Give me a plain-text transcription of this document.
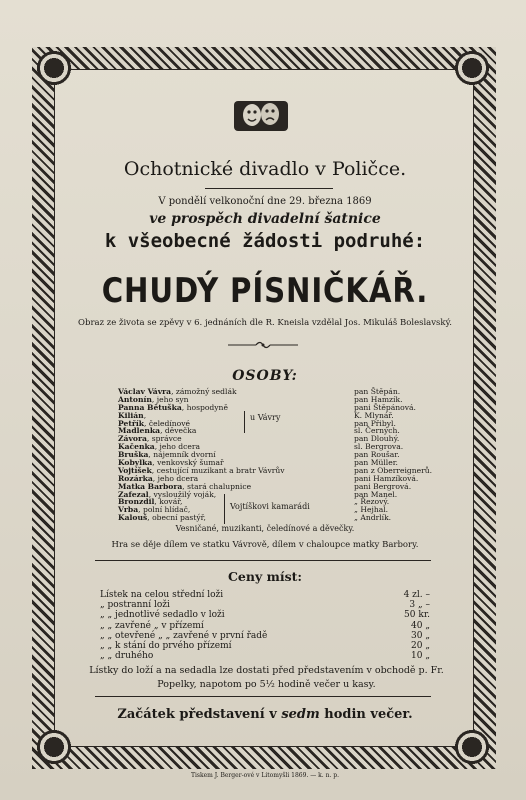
Ochotnické divadlo v Poličce.
V pondělí velkonoční dne 29. března 1869
ve prospěch divadelní šatnice
k všeobecné žádosti podruhé:
CHUDÝ PÍSNIČKÁŘ.
Obraz ze života se zpěvy v 6. jednáních dle R. Kneisla vzdělal Jos. Mikuláš Boleslavský.
OSOBY:
Václav Vávra, zámožný sedlák	pan Štěpán.
Antonín, jeho syn	pan Hamzík.
Panna Bětuška, hospodyně	pani Štěpánová.
Kilián,	K. Mlynář.
Petřík, čeledínové	pan Přibyl.
Madlenka, děvečka	sl. Černých.
Závora, správce	pan Dlouhý.
Kačenka, jeho dcera	sl. Bergrova.
Bruška, nájemník dvorní	pan Roušar.
Kobylka, venkovský šumař	pan Müller.
Vojtíšek, cestující muzikant a bratr Vávrův	pan z Oberreignerů.
Rozárka, jeho dcera	pani Hamzíková.
Matka Barbora, stará chalupnice	pani Bergrová.
Zafezal, vysloužilý voják,	pan Manel.
Bronzdil, kovář,	„ Řezový.
Vrba, polní hlídač,	„ Hejhal.
Kalouš, obecní pastýř,	„ Andrlík.
u Vávry
Vojtíškovi kamarádi
Vesničané, muzikanti, čeledínové a děvečky.
Hra se děje dílem ve statku Vávrově, dílem v chaloupce matky Barbory.
Ceny míst:
Lístek na celou střední loži	4 zl. –
„ postranní loži	3 „ –
„ „ jednotlivé sedadlo v loži	50 kr.
„ „ zavřené „ v přízemí	40 „
„ „ otevřené „ „ zavřené v první řadě	30 „
„ „ k stání do prvého přízemí	20 „
„ „ druhého	10 „
Lístky do loží a na sedadla lze dostati před představením v obchodě p. Fr. Popelky, napotom po 5½ hodině večer u kasy.
Začátek představení v sedm hodin večer.
Tiskem J. Berger-ové v Litomyšli 1869. — k. n. p.
